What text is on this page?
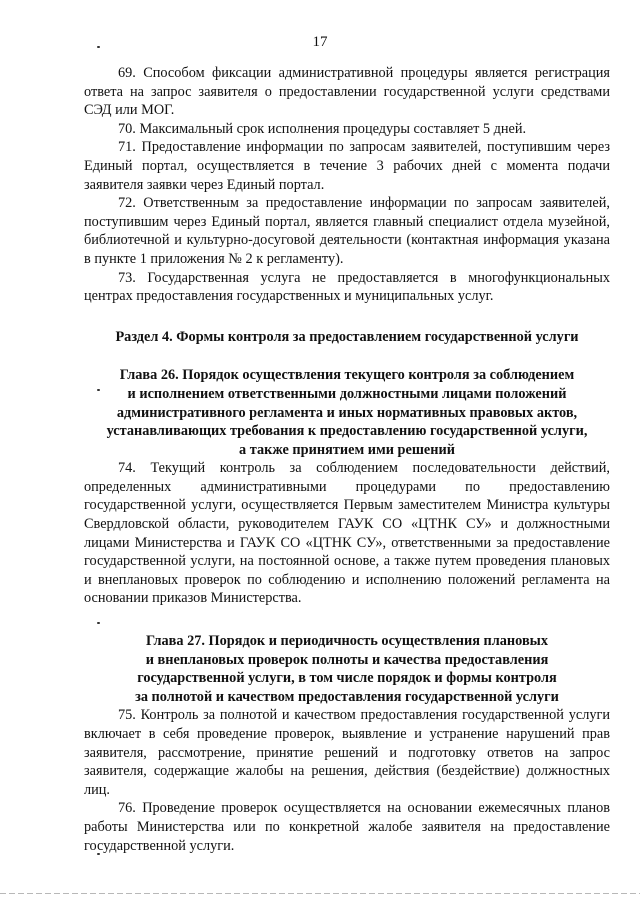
17

69. Способом фиксации административной процедуры является регистрация ответа на запрос заявителя о предоставлении государственной услуги средствами СЭД или МОГ.

70. Максимальный срок исполнения процедуры составляет 5 дней.

71. Предоставление информации по запросам заявителей, поступившим через Единый портал, осуществляется в течение 3 рабочих дней с момента подачи заявителя заявки через Единый портал.

72. Ответственным за предоставление информации по запросам заявителей, поступившим через Единый портал, является главный специалист отдела музейной, библиотечной и культурно-досуговой деятельности (контактная информация указана в пункте 1 приложения № 2 к регламенту).

73. Государственная услуга не предоставляется в многофункциональных центрах предоставления государственных и муниципальных услуг.

Раздел 4. Формы контроля за предоставлением государственной услуги
Глава 26. Порядок осуществления текущего контроля за соблюдением
и исполнением ответственными должностными лицами положений
административного регламента и иных нормативных правовых актов,
устанавливающих требования к предоставлению государственной услуги,
а также принятием ими решений

74. Текущий контроль за соблюдением последовательности действий, определенных административными процедурами по предоставлению государственной услуги, осуществляется Первым заместителем Министра культуры Свердловской области, руководителем ГАУК СО «ЦТНК СУ» и должностными лицами Министерства и ГАУК СО «ЦТНК СУ», ответственными за предоставление государственной услуги, на постоянной основе, а также путем проведения плановых и внеплановых проверок по соблюдению и исполнению положений регламента на основании приказов Министерства.

Глава 27. Порядок и периодичность осуществления плановых
и внеплановых проверок полноты и качества предоставления
государственной услуги, в том числе порядок и формы контроля
за полнотой и качеством предоставления государственной услуги

75. Контроль за полнотой и качеством предоставления государственной услуги включает в себя проведение проверок, выявление и устранение нарушений прав заявителя, рассмотрение, принятие решений и подготовку ответов на запрос заявителя, содержащие жалобы на решения, действия (бездействие) должностных лиц.

76. Проведение проверок осуществляется на основании ежемесячных планов работы Министерства или по конкретной жалобе заявителя на предоставление государственной услуги.
